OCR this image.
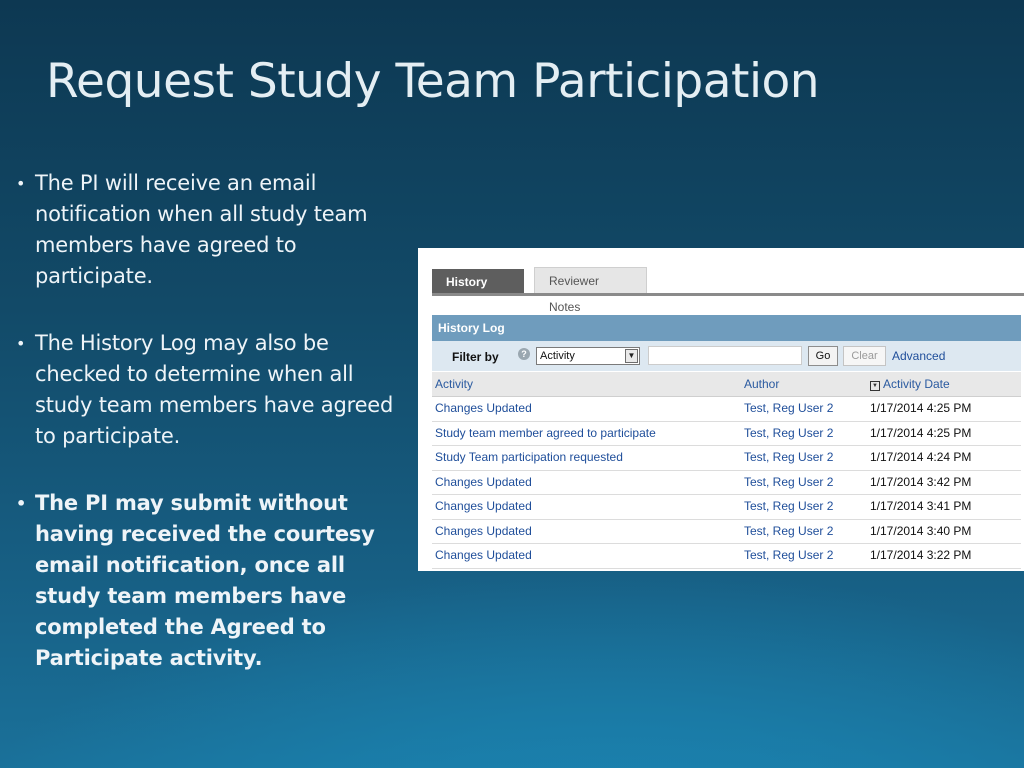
Request Study Team Participation
• The PI will receive an email notification when all study team members have agreed to participate.
• The History Log may also be checked to determine when all study team members have agreed to participate.
• The PI may submit without having received the courtesy email notification, once all study team members have completed the Agreed to Participate activity.
History Log
Reviewer Notes
History Log
Filter by	?	Activity	▼	Go	Clear	Advanced
Activity	Author	▼ Activity Date
Changes Updated	Test, Reg User 2	1/17/2014 4:25 PM
Study team member agreed to participate	Test, Reg User 2	1/17/2014 4:25 PM
Study Team participation requested	Test, Reg User 2	1/17/2014 4:24 PM
Changes Updated	Test, Reg User 2	1/17/2014 3:42 PM
Changes Updated	Test, Reg User 2	1/17/2014 3:41 PM
Changes Updated	Test, Reg User 2	1/17/2014 3:40 PM
Changes Updated	Test, Reg User 2	1/17/2014 3:22 PM
